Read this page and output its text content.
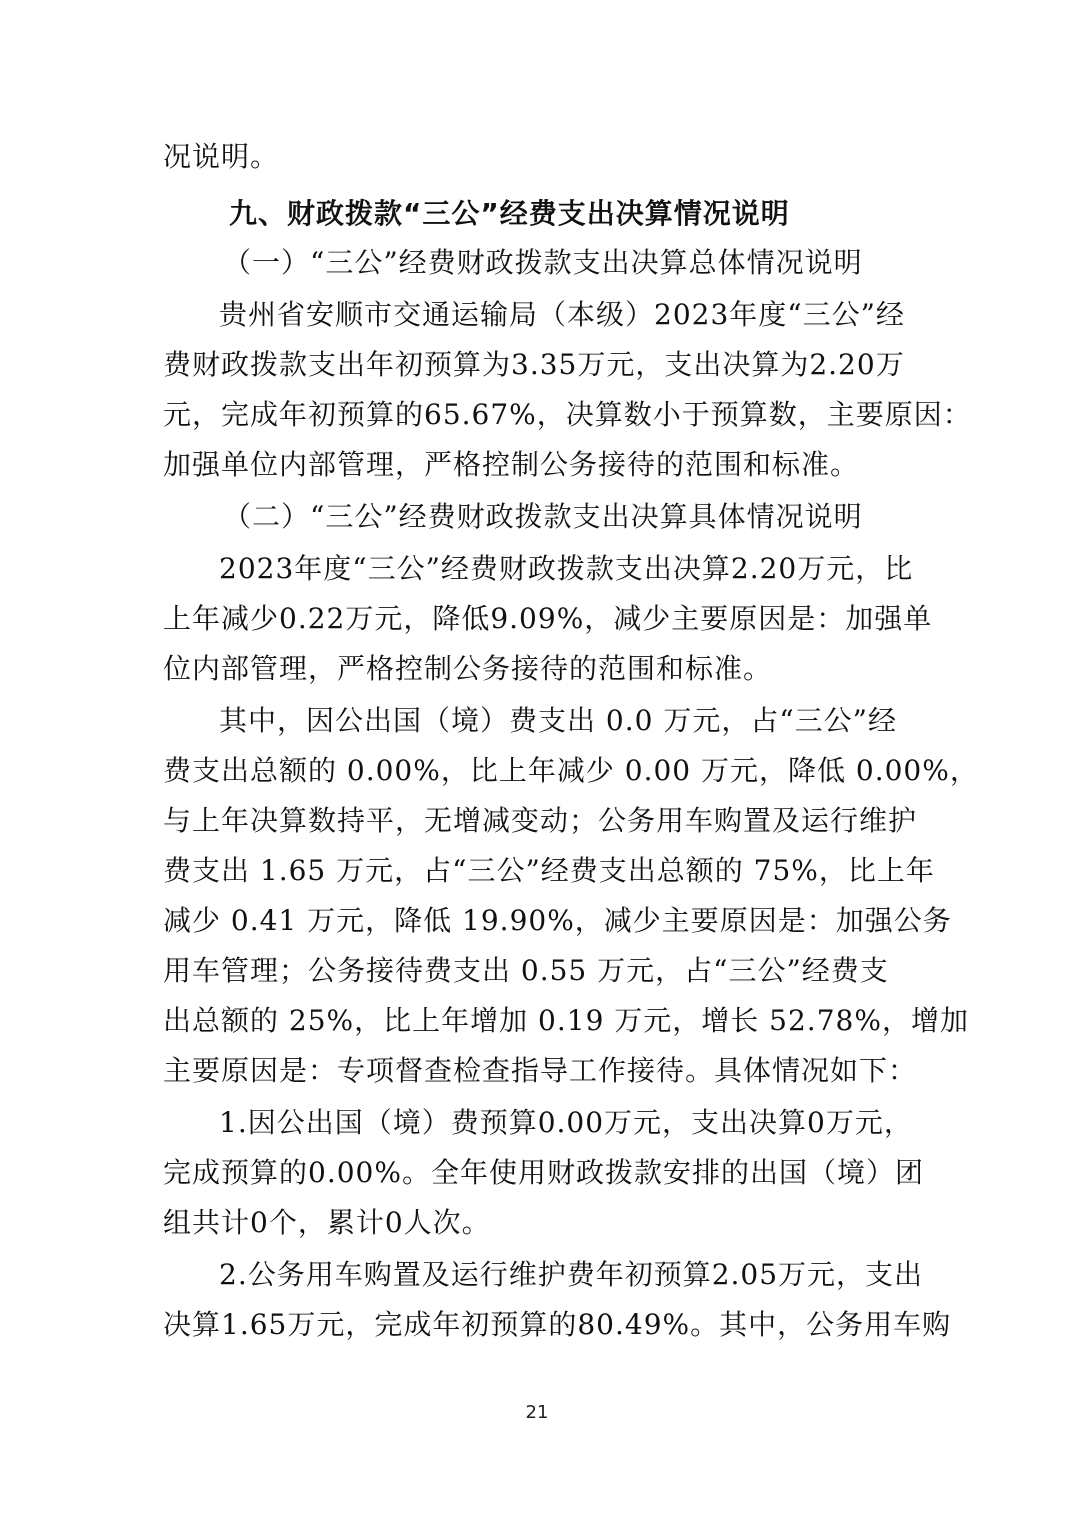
况说明。
九、财政拨款“三公”经费支出决算情况说明
（一）“三公”经费财政拨款支出决算总体情况说明
贵州省安顺市交通运输局（本级）2023年度“三公”经
费财政拨款支出年初预算为3.35万元，支出决算为2.20万
元，完成年初预算的65.67%，决算数小于预算数，主要原因：
加强单位内部管理，严格控制公务接待的范围和标准。
（二）“三公”经费财政拨款支出决算具体情况说明
2023年度“三公”经费财政拨款支出决算2.20万元，比
上年减少0.22万元，降低9.09%，减少主要原因是：加强单
位内部管理，严格控制公务接待的范围和标准。
其中，因公出国（境）费支出 0.0 万元，占“三公”经
费支出总额的 0.00%，比上年减少 0.00 万元，降低 0.00%，
与上年决算数持平，无增减变动；公务用车购置及运行维护
费支出 1.65 万元，占“三公”经费支出总额的 75%，比上年
减少 0.41 万元，降低 19.90%，减少主要原因是：加强公务
用车管理；公务接待费支出 0.55 万元，占“三公”经费支
出总额的 25%，比上年增加 0.19 万元，增长 52.78%，增加
主要原因是：专项督查检查指导工作接待。具体情况如下：
1.因公出国（境）费预算0.00万元，支出决算0万元，
完成预算的0.00%。全年使用财政拨款安排的出国（境）团
组共计0个，累计0人次。
2.公务用车购置及运行维护费年初预算2.05万元，支出
决算1.65万元，完成年初预算的80.49%。其中，公务用车购
21
